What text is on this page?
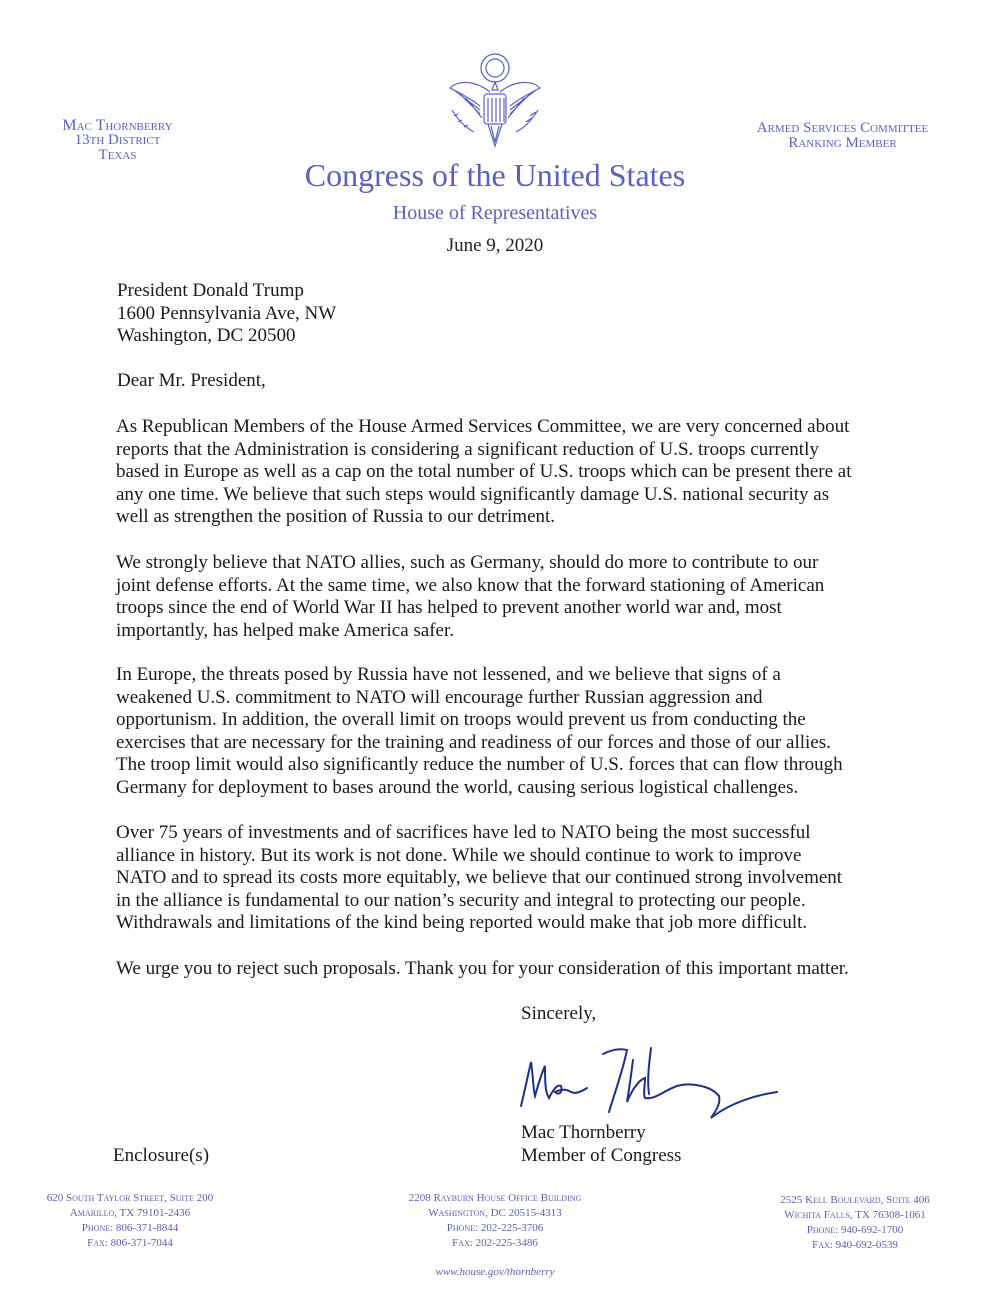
Mac Thornberry
13th District
Texas
Armed Services Committee
Ranking Member
Congress of the United States
House of Representatives
June 9, 2020
President Donald Trump
1600 Pennsylvania Ave, NW
Washington, DC 20500
Dear Mr. President,
As Republican Members of the House Armed Services Committee, we are very concerned about
reports that the Administration is considering a significant reduction of U.S. troops currently
based in Europe as well as a cap on the total number of U.S. troops which can be present there at
any one time. We believe that such steps would significantly damage U.S. national security as
well as strengthen the position of Russia to our detriment.
We strongly believe that NATO allies, such as Germany, should do more to contribute to our
joint defense efforts. At the same time, we also know that the forward stationing of American
troops since the end of World War II has helped to prevent another world war and, most
importantly, has helped make America safer.
In Europe, the threats posed by Russia have not lessened, and we believe that signs of a
weakened U.S. commitment to NATO will encourage further Russian aggression and
opportunism. In addition, the overall limit on troops would prevent us from conducting the
exercises that are necessary for the training and readiness of our forces and those of our allies.
The troop limit would also significantly reduce the number of U.S. forces that can flow through
Germany for deployment to bases around the world, causing serious logistical challenges.
Over 75 years of investments and of sacrifices have led to NATO being the most successful
alliance in history. But its work is not done. While we should continue to work to improve
NATO and to spread its costs more equitably, we believe that our continued strong involvement
in the alliance is fundamental to our nation’s security and integral to protecting our people.
Withdrawals and limitations of the kind being reported would make that job more difficult.
We urge you to reject such proposals. Thank you for your consideration of this important matter.
Sincerely,
Mac Thornberry
Member of Congress
Enclosure(s)
620 South Taylor Street, Suite 200
Amarillo, TX 79101-2436
Phone: 806-371-8844
Fax: 806-371-7044
2208 Rayburn House Office Building
Washington, DC 20515-4313
Phone: 202-225-3706
Fax: 202-225-3486
2525 Kell Boulevard, Suite 406
Wichita Falls, TX 76308-1061
Phone: 940-692-1700
Fax: 940-692-0539
www.house.gov/thornberry
